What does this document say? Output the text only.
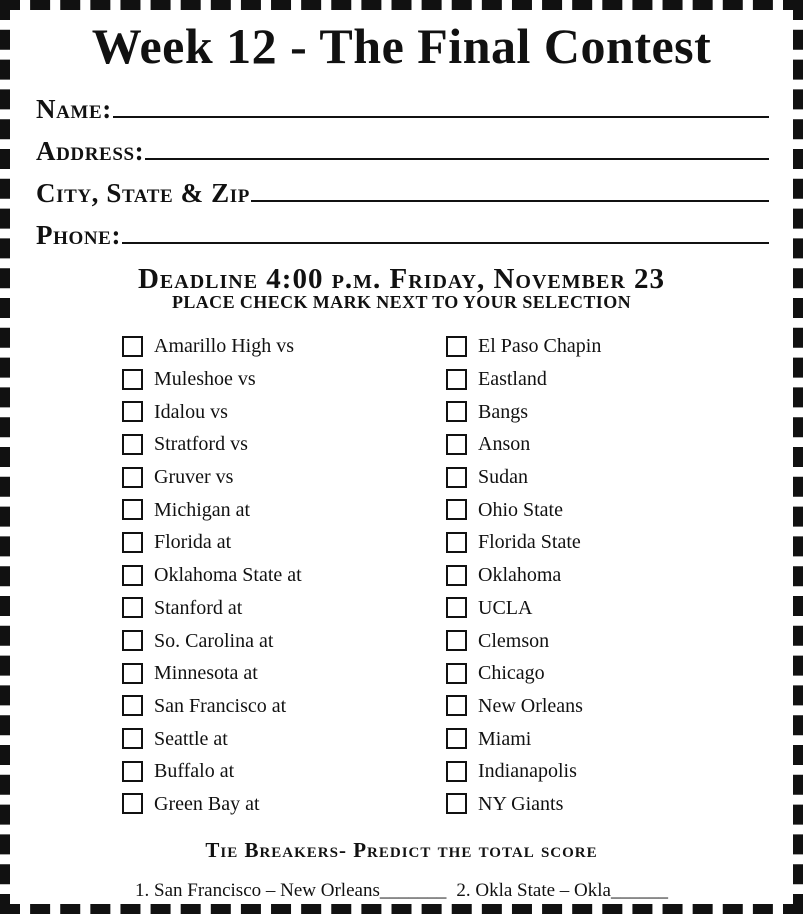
Week 12 - The Final Contest
Name:
Address:
City, State & Zip
Phone:
Deadline 4:00 p.m. Friday, November 23
PLACE CHECK MARK NEXT TO YOUR SELECTION
Amarillo High vs
Muleshoe vs
Idalou vs
Stratford vs
Gruver vs
Michigan at
Florida at
Oklahoma State at
Stanford at
So. Carolina at
Minnesota at
San Francisco at
Seattle at
Buffalo at
Green Bay at
El Paso Chapin
Eastland
Bangs
Anson
Sudan
Ohio State
Florida State
Oklahoma
UCLA
Clemson
Chicago
New Orleans
Miami
Indianapolis
NY Giants
Tie Breakers- Predict the total score
1. San Francisco – New Orleans_______ 2. Okla State – Okla______
